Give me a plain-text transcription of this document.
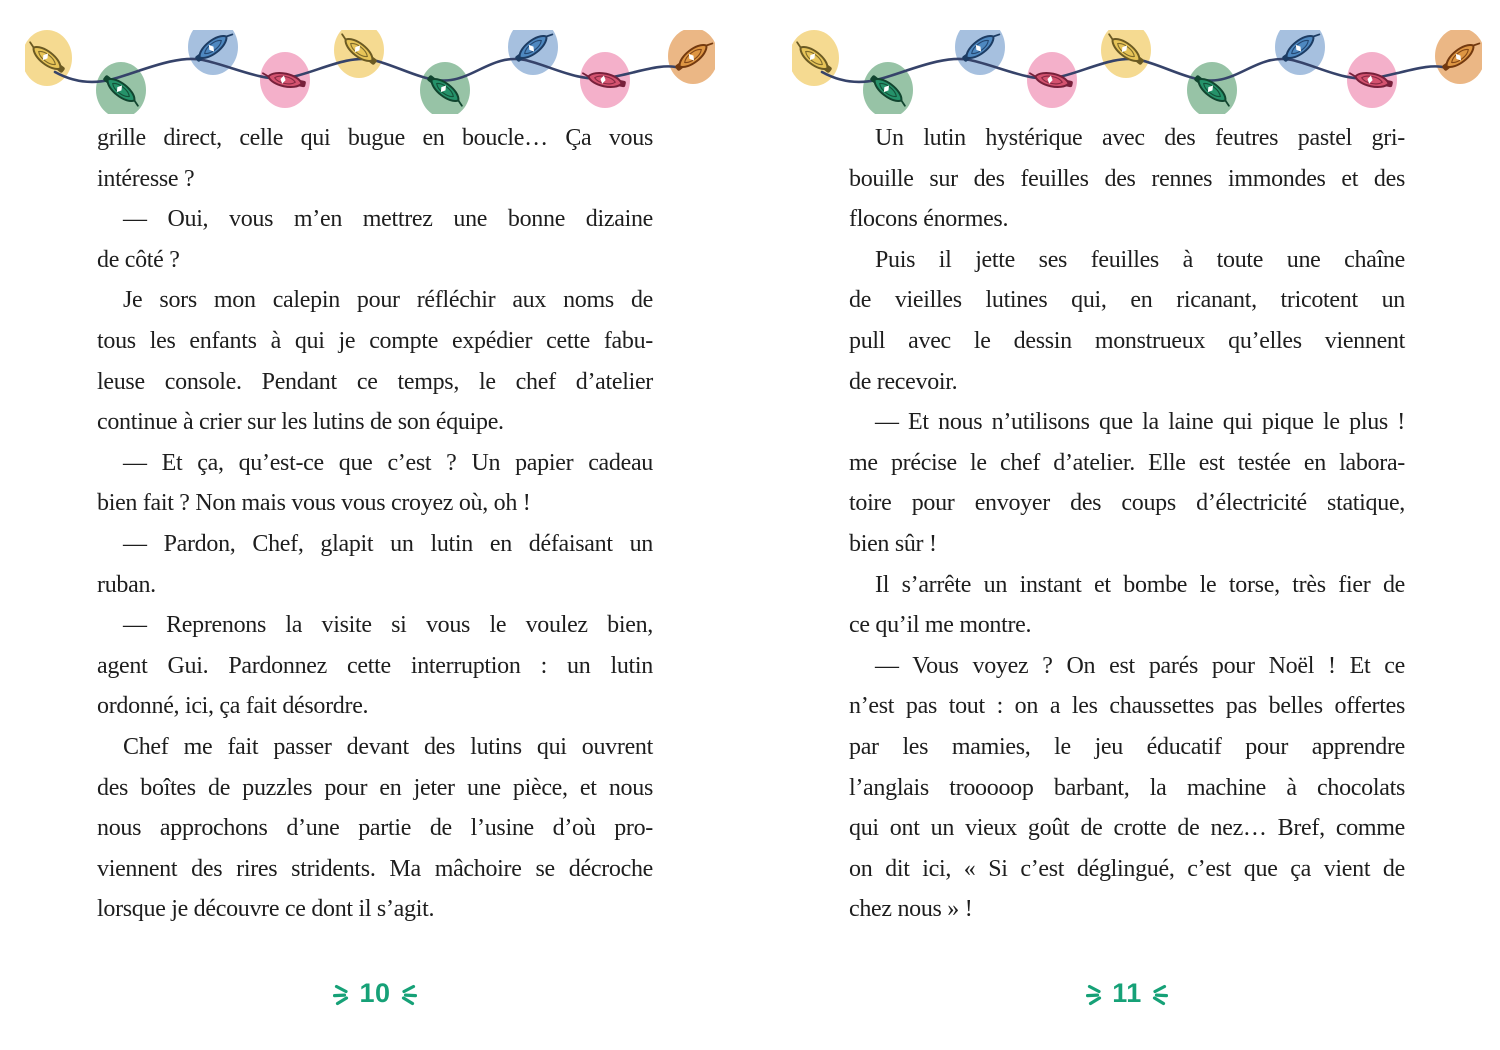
grille direct, celle qui bugue en boucle… Ça vous
intéresse ?
— Oui, vous m’en mettrez une bonne dizaine
de côté ?
Je sors mon calepin pour réfléchir aux noms de
tous les enfants à qui je compte expédier cette fabu-
leuse console. Pendant ce temps, le chef d’atelier
continue à crier sur les lutins de son équipe.
— Et ça, qu’est-ce que c’est ? Un papier cadeau
bien fait ? Non mais vous vous croyez où, oh !
— Pardon, Chef, glapit un lutin en défaisant un
ruban.
— Reprenons la visite si vous le voulez bien,
agent Gui. Pardonnez cette interruption : un lutin
ordonné, ici, ça fait désordre.
Chef me fait passer devant des lutins qui ouvrent
des boîtes de puzzles pour en jeter une pièce, et nous
nous approchons d’une partie de l’usine d’où pro-
viennent des rires stridents. Ma mâchoire se décroche
lorsque je découvre ce dont il s’agit.
10
Un lutin hystérique avec des feutres pastel gri-
bouille sur des feuilles des rennes immondes et des
flocons énormes.
Puis il jette ses feuilles à toute une chaîne
de vieilles lutines qui, en ricanant, tricotent un
pull avec le dessin monstrueux qu’elles viennent
de recevoir.
— Et nous n’utilisons que la laine qui pique le plus !
me précise le chef d’atelier. Elle est testée en labora-
toire pour envoyer des coups d’électricité statique,
bien sûr !
Il s’arrête un instant et bombe le torse, très fier de
ce qu’il me montre.
— Vous voyez ? On est parés pour Noël ! Et ce
n’est pas tout : on a les chaussettes pas belles offertes
par les mamies, le jeu éducatif pour apprendre
l’anglais trooooop barbant, la machine à chocolats
qui ont un vieux goût de crotte de nez… Bref, comme
on dit ici, « Si c’est déglingué, c’est que ça vient de
chez nous » !
11
